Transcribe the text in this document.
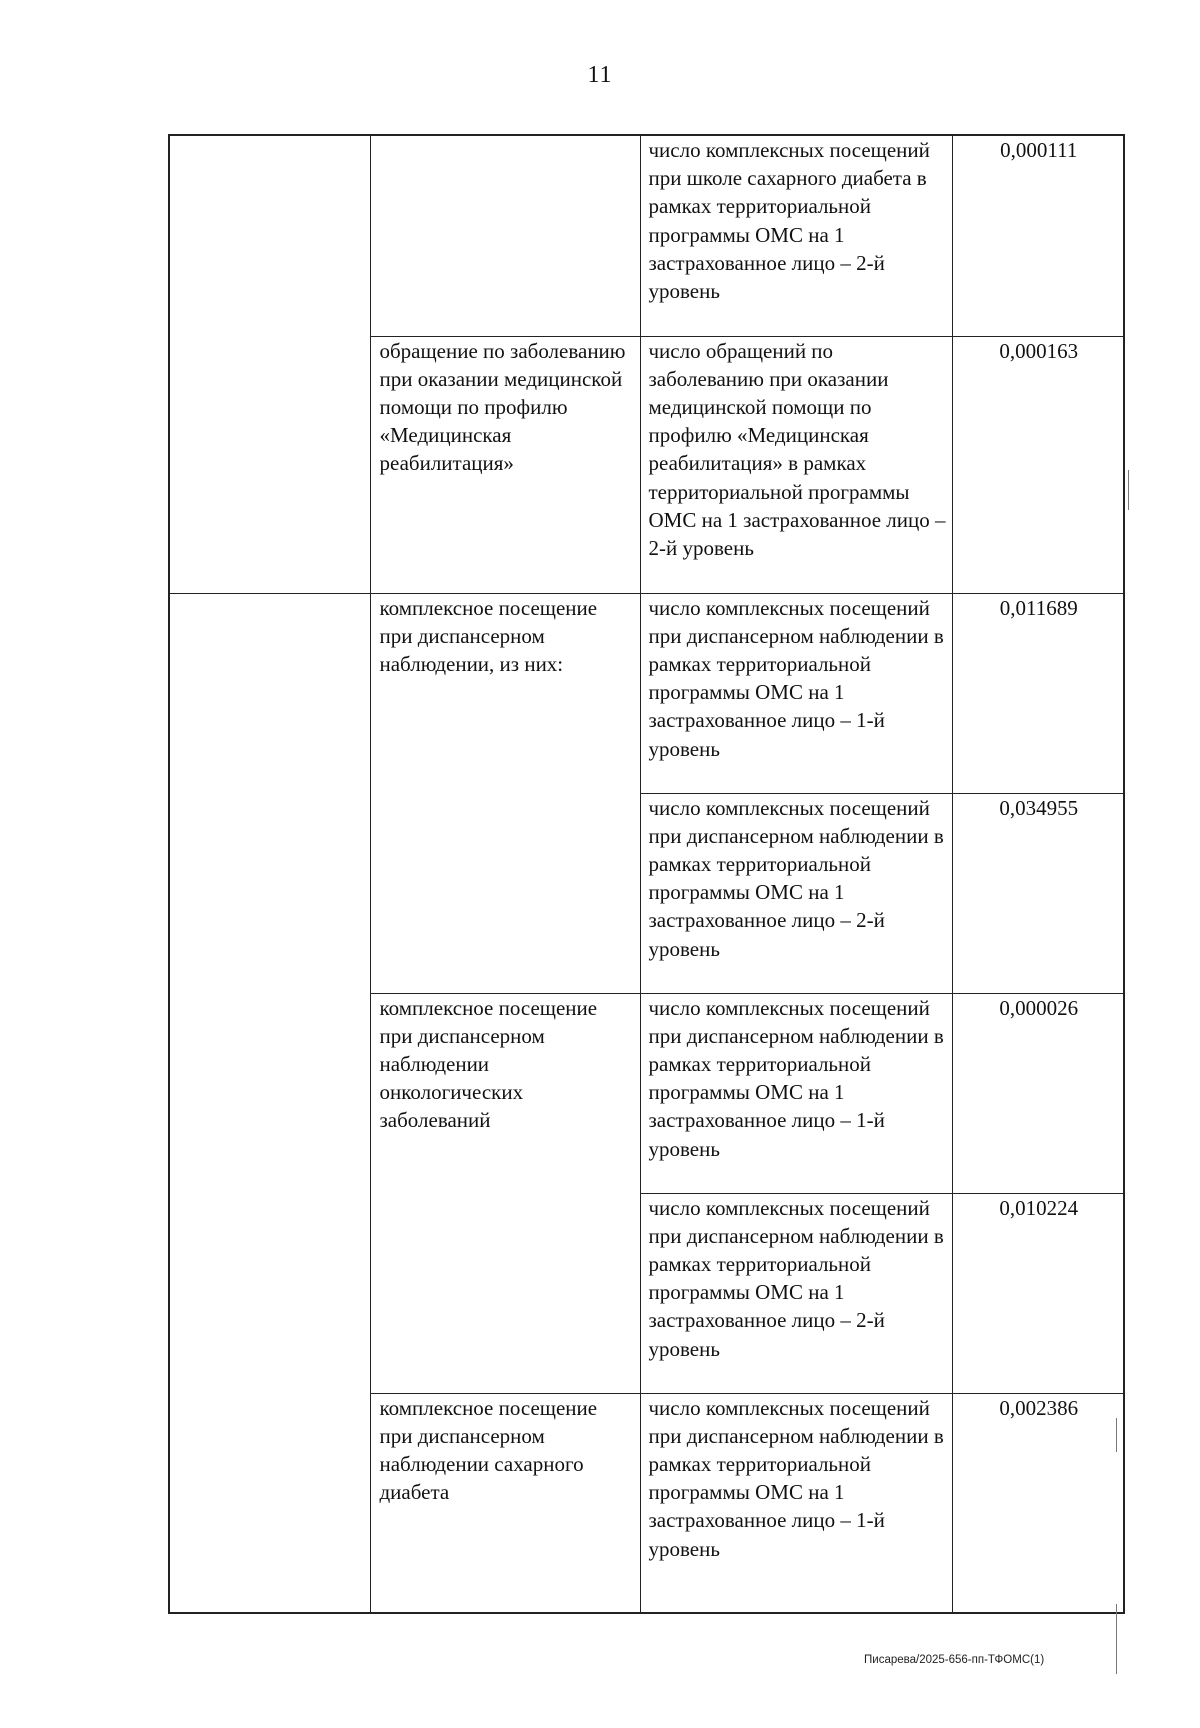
11
		число комплексных посещений при школе сахарного диабета в рамках территориальной программы ОМС на 1 застрахованное лицо – 2-й уровень	0,000111
	обращение по заболеванию при оказании медицинской помощи по профилю «Медицинская реабилитация»	число обращений по заболеванию при оказании медицинской помощи по профилю «Медицинская реабилитация» в рамках территориальной программы ОМС на 1 застрахованное лицо – 2-й уровень	0,000163
	комплексное посещение при диспансерном наблюдении, из них:	число комплексных посещений при диспансерном наблюдении в рамках территориальной программы ОМС на 1 застрахованное лицо – 1-й уровень	0,011689
		число комплексных посещений при диспансерном наблюдении в рамках территориальной программы ОМС на 1 застрахованное лицо – 2-й уровень	0,034955
	комплексное посещение при диспансерном наблюдении онкологических заболеваний	число комплексных посещений при диспансерном наблюдении в рамках территориальной программы ОМС на 1 застрахованное лицо – 1-й уровень	0,000026
		число комплексных посещений при диспансерном наблюдении в рамках территориальной программы ОМС на 1 застрахованное лицо – 2-й уровень	0,010224
	комплексное посещение при диспансерном наблюдении сахарного диабета	число комплексных посещений при диспансерном наблюдении в рамках территориальной программы ОМС на 1 застрахованное лицо – 1-й уровень	0,002386
Писарева/2025-656-пп-ТФОМС(1)
